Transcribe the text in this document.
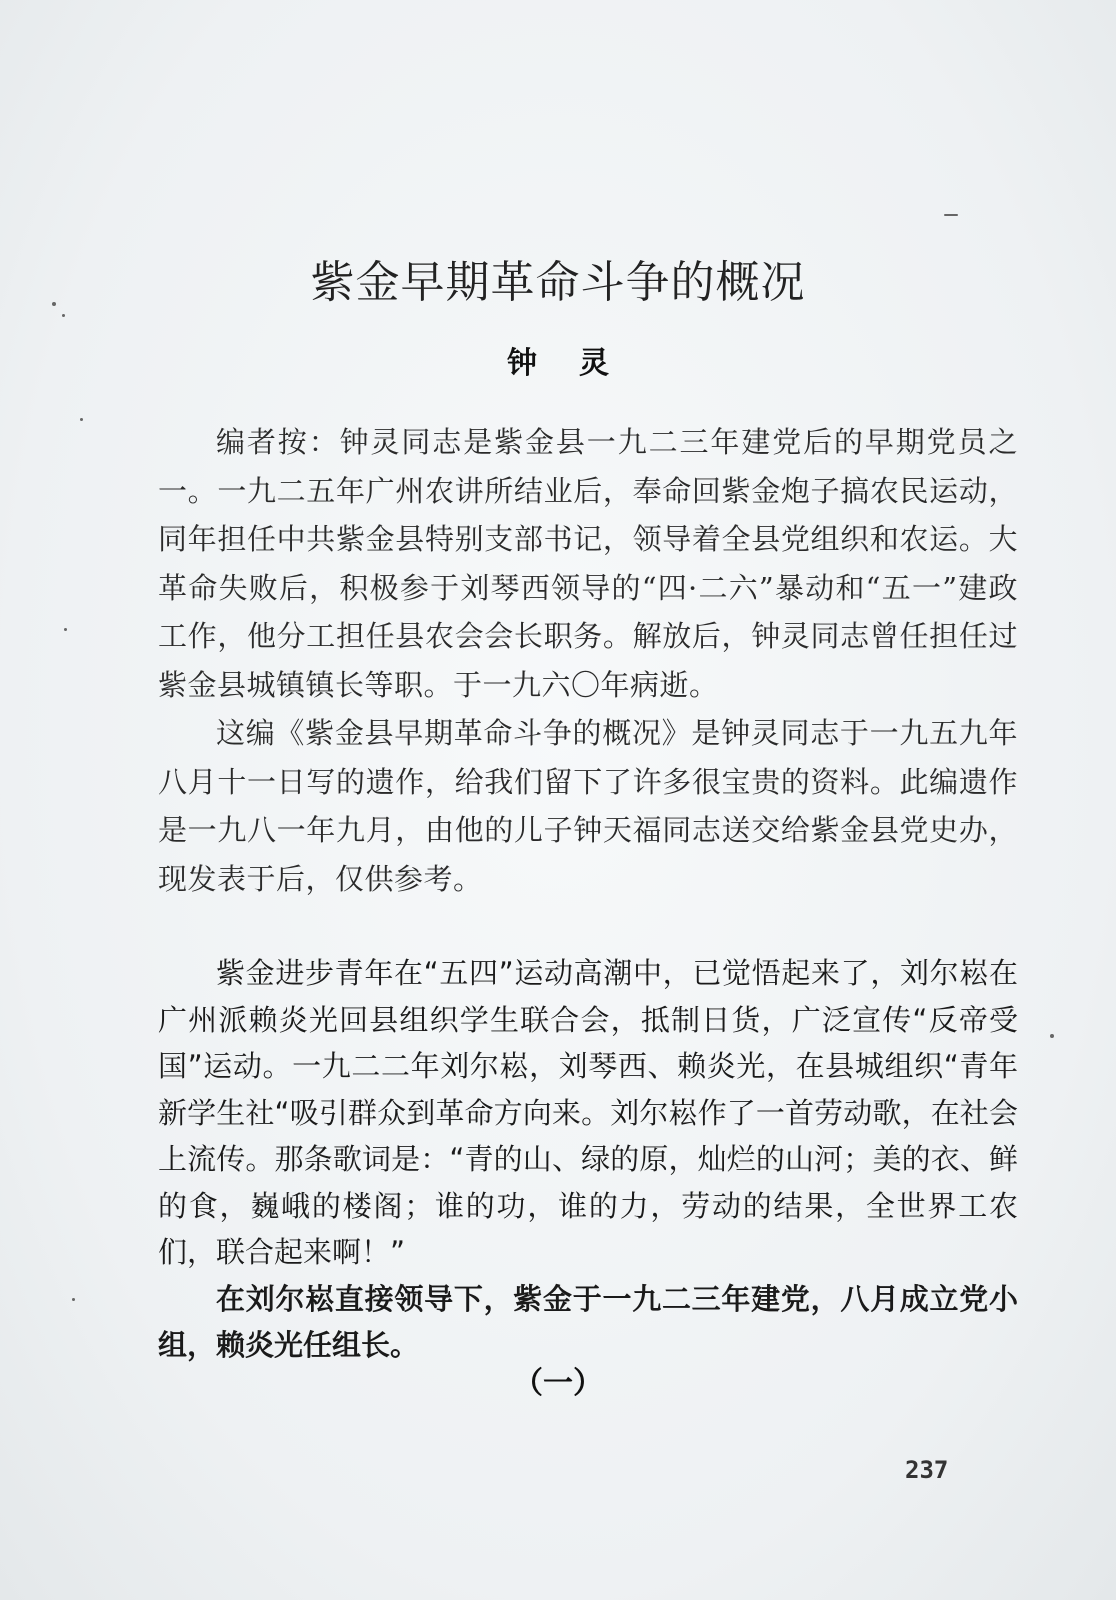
紫金早期革命斗争的概况
钟灵

编者按：钟灵同志是紫金县一九二三年建党后的早期党员之一。一九二五年广州农讲所结业后，奉命回紫金炮子搞农民运动，同年担任中共紫金县特别支部书记，领导着全县党组织和农运。大革命失败后，积极参于刘琴西领导的“四·二六”暴动和“五一”建政工作，他分工担任县农会会长职务。解放后，钟灵同志曾任担任过紫金县城镇镇长等职。于一九六〇年病逝。

这编《紫金县早期革命斗争的概况》是钟灵同志于一九五九年八月十一日写的遗作，给我们留下了许多很宝贵的资料。此编遗作是一九八一年九月，由他的儿子钟天福同志送交给紫金县党史办，现发表于后，仅供参考。

紫金进步青年在“五四”运动高潮中，已觉悟起来了，刘尔崧在广州派赖炎光回县组织学生联合会，抵制日货，广泛宣传“反帝受国”运动。一九二二年刘尔崧，刘琴西、赖炎光，在县城组织“青年新学生社“吸引群众到革命方向来。刘尔崧作了一首劳动歌，在社会上流传。那条歌词是：“青的山、绿的原，灿烂的山河；美的衣、鲜的食，巍峨的楼阁；谁的功，谁的力，劳动的结果，全世界工农们，联合起来啊！”

在刘尔崧直接领导下，紫金于一九二三年建党，八月成立党小组，赖炎光任组长。

（一）
237
